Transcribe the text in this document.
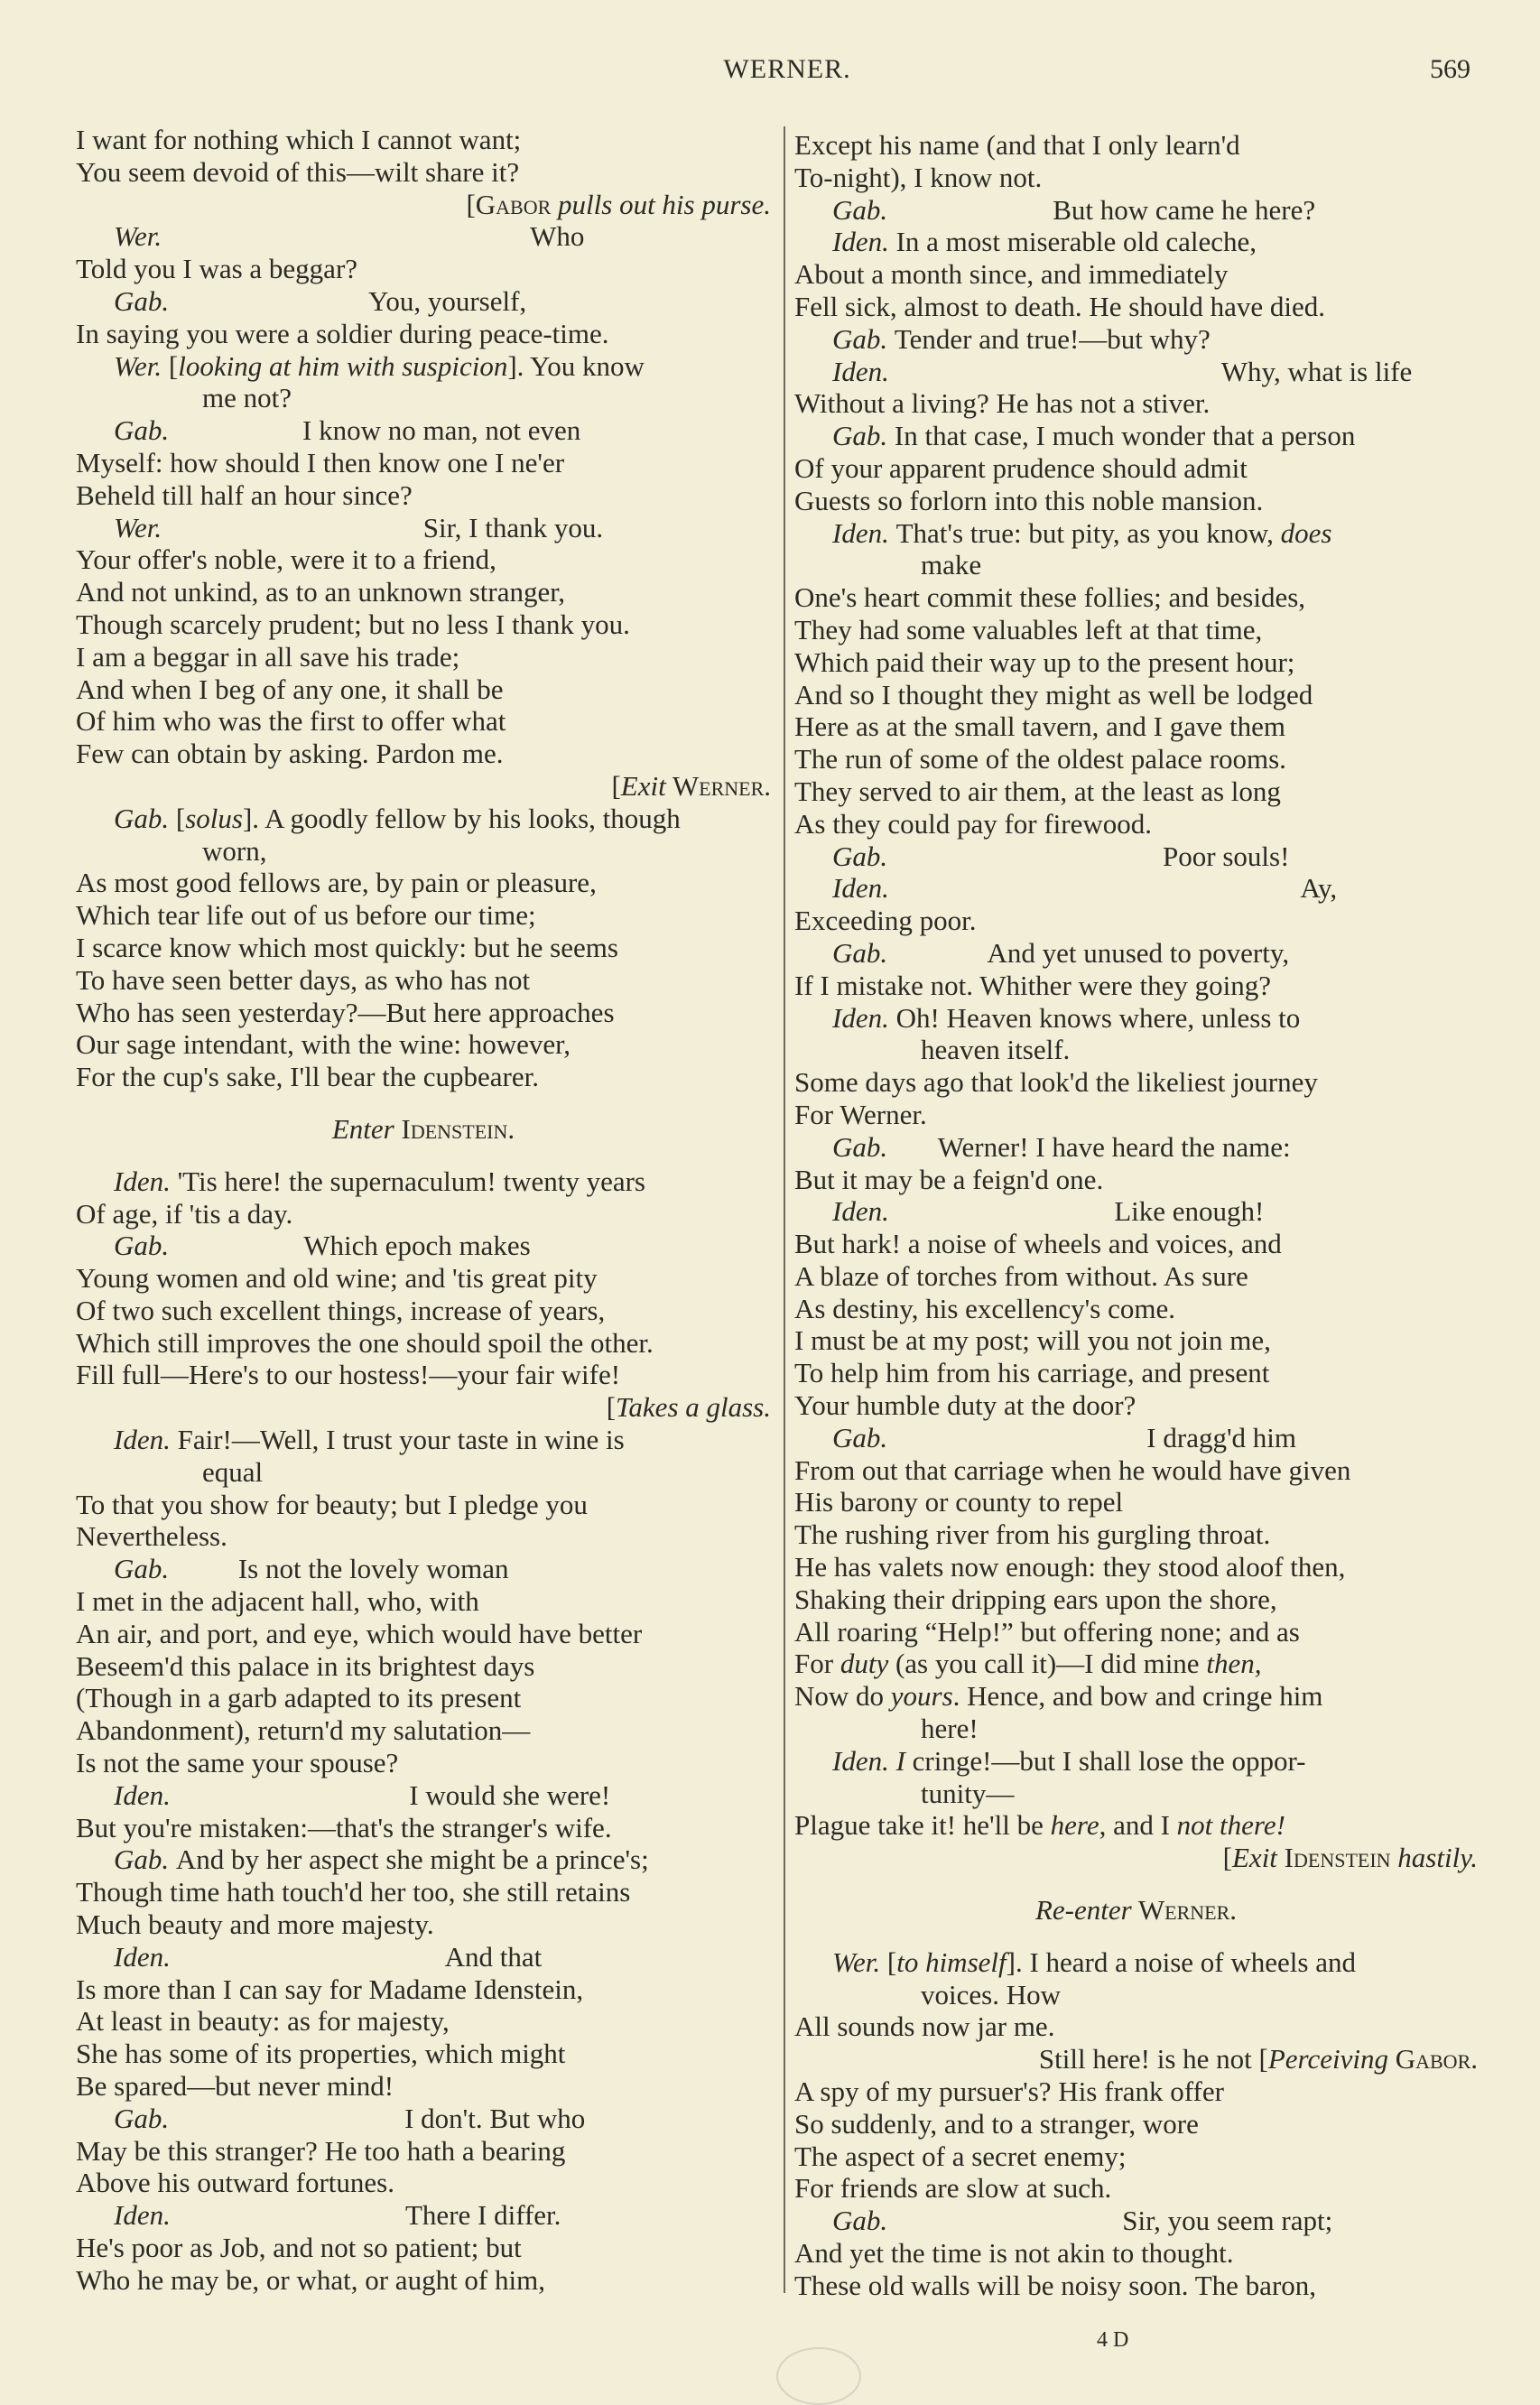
WERNER.	569
I want for nothing which I cannot want;
You seem devoid of this—wilt share it?
[Gabor pulls out his purse.
Wer.	Who
Told you I was a beggar?
Gab.	You, yourself,
In saying you were a soldier during peace-time.
Wer. [looking at him with suspicion]. You know
me not?
Gab.	I know no man, not even
Myself: how should I then know one I ne'er
Beheld till half an hour since?
Wer.	Sir, I thank you.
Your offer's noble, were it to a friend,
And not unkind, as to an unknown stranger,
Though scarcely prudent; but no less I thank you.
I am a beggar in all save his trade;
And when I beg of any one, it shall be
Of him who was the first to offer what
Few can obtain by asking. Pardon me.
[Exit Werner.
Gab. [solus]. A goodly fellow by his looks, though
worn,
As most good fellows are, by pain or pleasure,
Which tear life out of us before our time;
I scarce know which most quickly: but he seems
To have seen better days, as who has not
Who has seen yesterday?—But here approaches
Our sage intendant, with the wine: however,
For the cup's sake, I'll bear the cupbearer.
Enter Idenstein.
Iden. 'Tis here! the supernaculum! twenty years
Of age, if 'tis a day.
Gab.	Which epoch makes
Young women and old wine; and 'tis great pity
Of two such excellent things, increase of years,
Which still improves the one should spoil the other.
Fill full—Here's to our hostess!—your fair wife!
[Takes a glass.
Iden. Fair!—Well, I trust your taste in wine is
equal
To that you show for beauty; but I pledge you
Nevertheless.
Gab. Is not the lovely woman
I met in the adjacent hall, who, with
An air, and port, and eye, which would have better
Beseem'd this palace in its brightest days
(Though in a garb adapted to its present
Abandonment), return'd my salutation—
Is not the same your spouse?
Iden.	I would she were!
But you're mistaken:—that's the stranger's wife.
Gab. And by her aspect she might be a prince's;
Though time hath touch'd her too, she still retains
Much beauty and more majesty.
Iden.	And that
Is more than I can say for Madame Idenstein,
At least in beauty: as for majesty,
She has some of its properties, which might
Be spared—but never mind!
Gab.	I don't. But who
May be this stranger? He too hath a bearing
Above his outward fortunes.
Iden.	There I differ.
He's poor as Job, and not so patient; but
Who he may be, or what, or aught of him,
Except his name (and that I only learn'd
To-night), I know not.
Gab.	But how came he here?
Iden. In a most miserable old caleche,
About a month since, and immediately
Fell sick, almost to death. He should have died.
Gab. Tender and true!—but why?
Iden.	Why, what is life
Without a living? He has not a stiver.
Gab. In that case, I much wonder that a person
Of your apparent prudence should admit
Guests so forlorn into this noble mansion.
Iden. That's true: but pity, as you know, does
make
One's heart commit these follies; and besides,
They had some valuables left at that time,
Which paid their way up to the present hour;
And so I thought they might as well be lodged
Here as at the small tavern, and I gave them
The run of some of the oldest palace rooms.
They served to air them, at the least as long
As they could pay for firewood.
Gab.	Poor souls!
Iden.	Ay,
Exceeding poor.
Gab.	And yet unused to poverty,
If I mistake not. Whither were they going?
Iden. Oh! Heaven knows where, unless to
heaven itself.
Some days ago that look'd the likeliest journey
For Werner.
Gab. Werner! I have heard the name:
But it may be a feign'd one.
Iden.	Like enough!
But hark! a noise of wheels and voices, and
A blaze of torches from without. As sure
As destiny, his excellency's come.
I must be at my post; will you not join me,
To help him from his carriage, and present
Your humble duty at the door?
Gab.	I dragg'd him
From out that carriage when he would have given
His barony or county to repel
The rushing river from his gurgling throat.
He has valets now enough: they stood aloof then,
Shaking their dripping ears upon the shore,
All roaring “Help!” but offering none; and as
For duty (as you call it)—I did mine then,
Now do yours. Hence, and bow and cringe him
here!
Iden. I cringe!—but I shall lose the oppor-
tunity—
Plague take it! he'll be here, and I not there!
[Exit Idenstein hastily.
Re-enter Werner.
Wer. [to himself]. I heard a noise of wheels and
voices. How
All sounds now jar me.
Still here! is he not [Perceiving Gabor.
A spy of my pursuer's? His frank offer
So suddenly, and to a stranger, wore
The aspect of a secret enemy;
For friends are slow at such.
Gab.	Sir, you seem rapt;
And yet the time is not akin to thought.
These old walls will be noisy soon. The baron,
4 D
